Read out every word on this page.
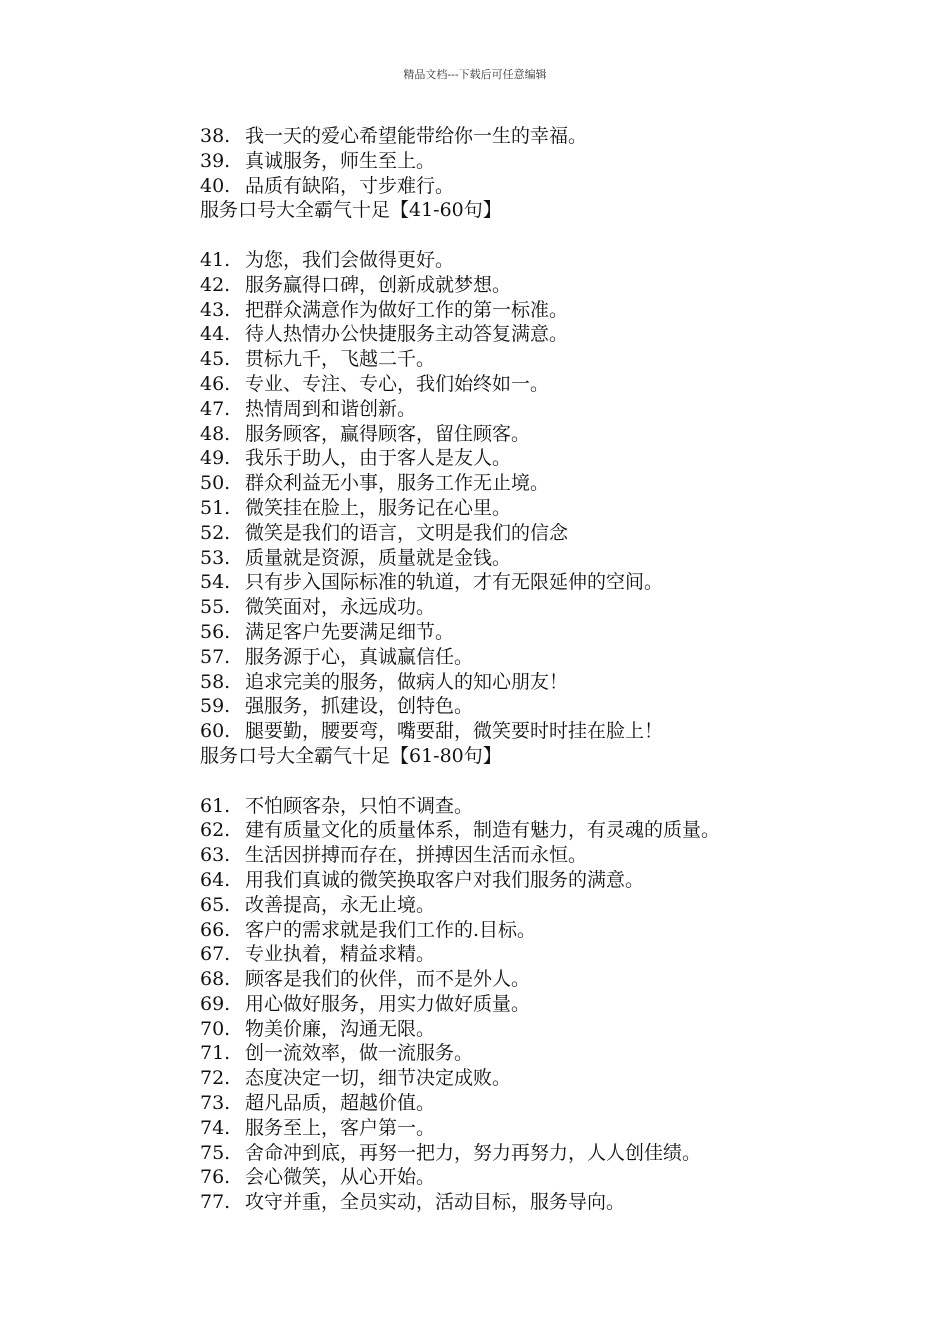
精品文档---下载后可任意编辑
38. 我一天的爱心希望能带给你一生的幸福。
39. 真诚服务，师生至上。
40. 品质有缺陷，寸步难行。
服务口号大全霸气十足【41-60句】
41. 为您，我们会做得更好。
42. 服务赢得口碑，创新成就梦想。
43. 把群众满意作为做好工作的第一标准。
44. 待人热情办公快捷服务主动答复满意。
45. 贯标九千，飞越二千。
46. 专业、专注、专心，我们始终如一。
47. 热情周到和谐创新。
48. 服务顾客，赢得顾客，留住顾客。
49. 我乐于助人，由于客人是友人。
50. 群众利益无小事，服务工作无止境。
51. 微笑挂在脸上，服务记在心里。
52. 微笑是我们的语言，文明是我们的信念
53. 质量就是资源，质量就是金钱。
54. 只有步入国际标准的轨道，才有无限延伸的空间。
55. 微笑面对，永远成功。
56. 满足客户先要满足细节。
57. 服务源于心，真诚赢信任。
58. 追求完美的服务，做病人的知心朋友！
59. 强服务，抓建设，创特色。
60. 腿要勤，腰要弯，嘴要甜，微笑要时时挂在脸上！
服务口号大全霸气十足【61-80句】
61. 不怕顾客杂，只怕不调查。
62. 建有质量文化的质量体系，制造有魅力，有灵魂的质量。
63. 生活因拼搏而存在，拼搏因生活而永恒。
64. 用我们真诚的微笑换取客户对我们服务的满意。
65. 改善提高，永无止境。
66. 客户的需求就是我们工作的.目标。
67. 专业执着，精益求精。
68. 顾客是我们的伙伴，而不是外人。
69. 用心做好服务，用实力做好质量。
70. 物美价廉，沟通无限。
71. 创一流效率，做一流服务。
72. 态度决定一切，细节决定成败。
73. 超凡品质，超越价值。
74. 服务至上，客户第一。
75. 舍命冲到底，再努一把力，努力再努力，人人创佳绩。
76. 会心微笑，从心开始。
77. 攻守并重，全员实动，活动目标，服务导向。
